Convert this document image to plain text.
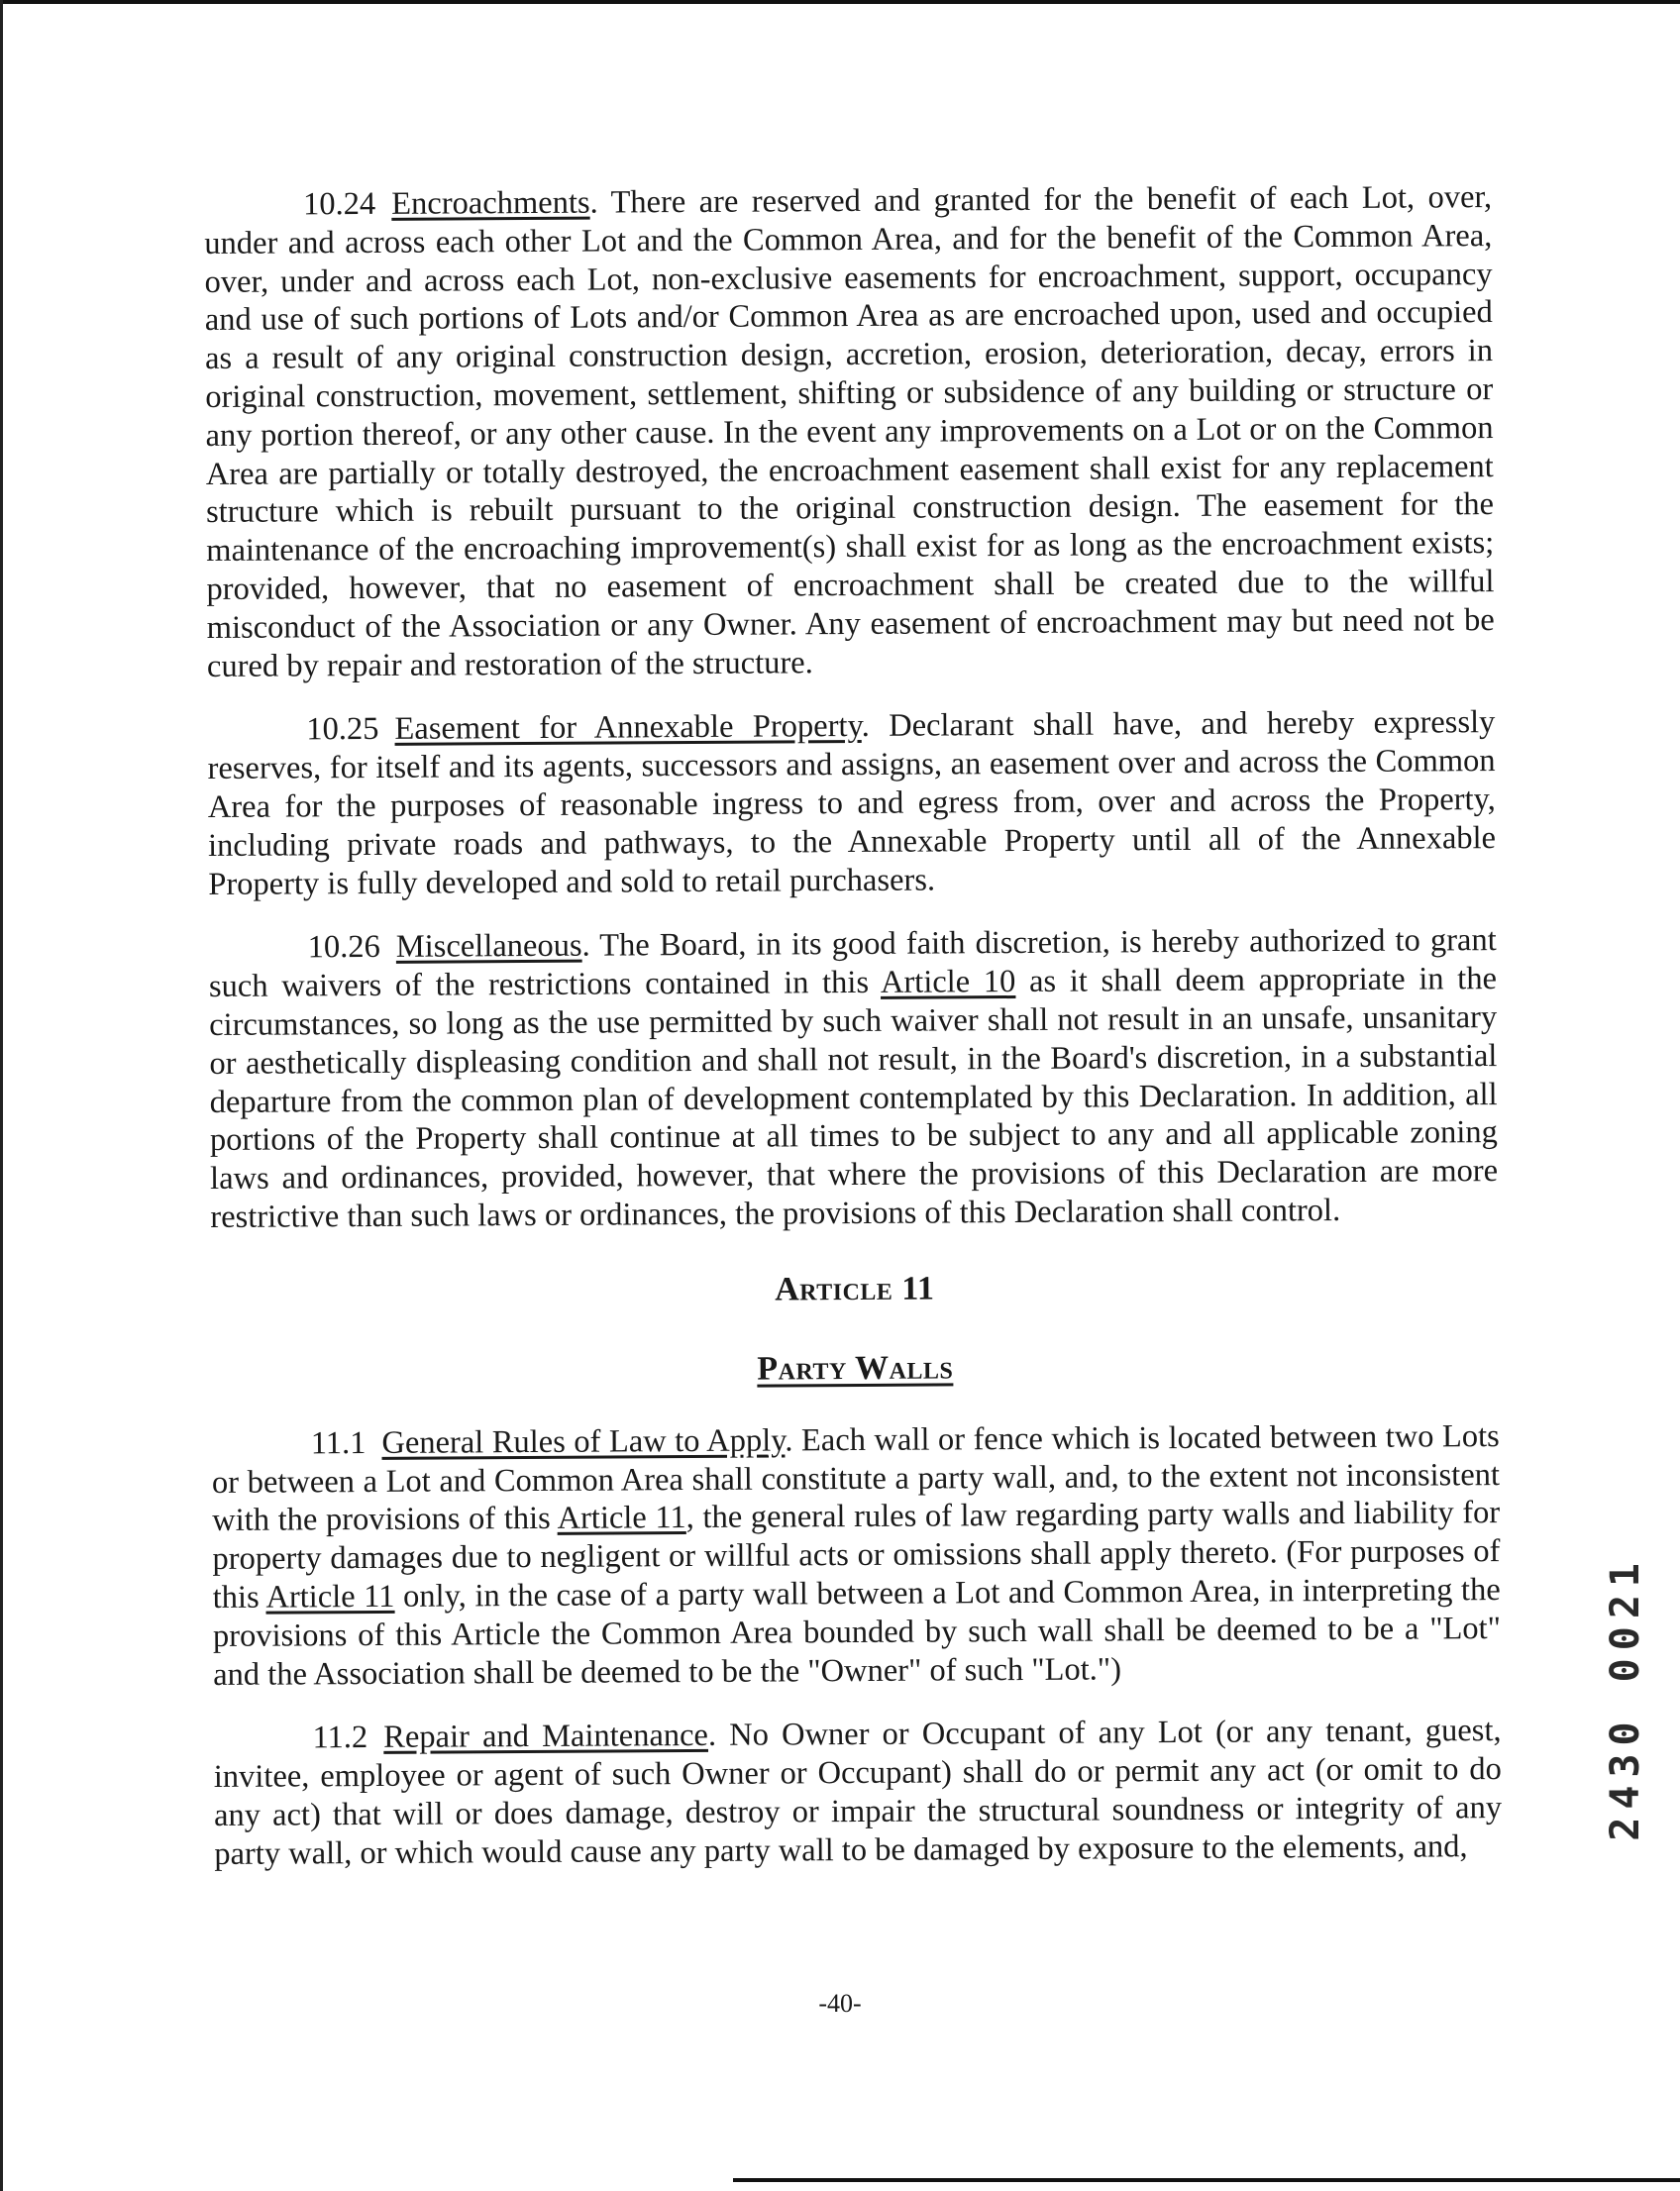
10.24 Encroachments. There are reserved and granted for the benefit of each Lot, over, under and across each other Lot and the Common Area, and for the benefit of the Common Area, over, under and across each Lot, non-exclusive easements for encroachment, support, occupancy and use of such portions of Lots and/or Common Area as are encroached upon, used and occupied as a result of any original construction design, accretion, erosion, deterioration, decay, errors in original construction, movement, settlement, shifting or subsidence of any building or structure or any portion thereof, or any other cause. In the event any improvements on a Lot or on the Common Area are partially or totally destroyed, the encroachment easement shall exist for any replacement structure which is rebuilt pursuant to the original construction design. The easement for the maintenance of the encroaching improvement(s) shall exist for as long as the encroachment exists; provided, however, that no easement of encroachment shall be created due to the willful misconduct of the Association or any Owner. Any easement of encroachment may but need not be cured by repair and restoration of the structure.

10.25 Easement for Annexable Property. Declarant shall have, and hereby expressly reserves, for itself and its agents, successors and assigns, an easement over and across the Common Area for the purposes of reasonable ingress to and egress from, over and across the Property, including private roads and pathways, to the Annexable Property until all of the Annexable Property is fully developed and sold to retail purchasers.

10.26 Miscellaneous. The Board, in its good faith discretion, is hereby authorized to grant such waivers of the restrictions contained in this Article 10 as it shall deem appropriate in the circumstances, so long as the use permitted by such waiver shall not result in an unsafe, unsanitary or aesthetically displeasing condition and shall not result, in the Board's discretion, in a substantial departure from the common plan of development contemplated by this Declaration. In addition, all portions of the Property shall continue at all times to be subject to any and all applicable zoning laws and ordinances, provided, however, that where the provisions of this Declaration are more restrictive than such laws or ordinances, the provisions of this Declaration shall control.

Article 11
Party Walls

11.1 General Rules of Law to Apply. Each wall or fence which is located between two Lots or between a Lot and Common Area shall constitute a party wall, and, to the extent not inconsistent with the provisions of this Article 11, the general rules of law regarding party walls and liability for property damages due to negligent or willful acts or omissions shall apply thereto. (For purposes of this Article 11 only, in the case of a party wall between a Lot and Common Area, in interpreting the provisions of this Article the Common Area bounded by such wall shall be deemed to be a "Lot" and the Association shall be deemed to be the "Owner" of such "Lot.")

11.2 Repair and Maintenance. No Owner or Occupant of any Lot (or any tenant, guest, invitee, employee or agent of such Owner or Occupant) shall do or permit any act (or omit to do any act) that will or does damage, destroy or impair the structural soundness or integrity of any party wall, or which would cause any party wall to be damaged by exposure to the elements, and,

2430 0021
-40-
